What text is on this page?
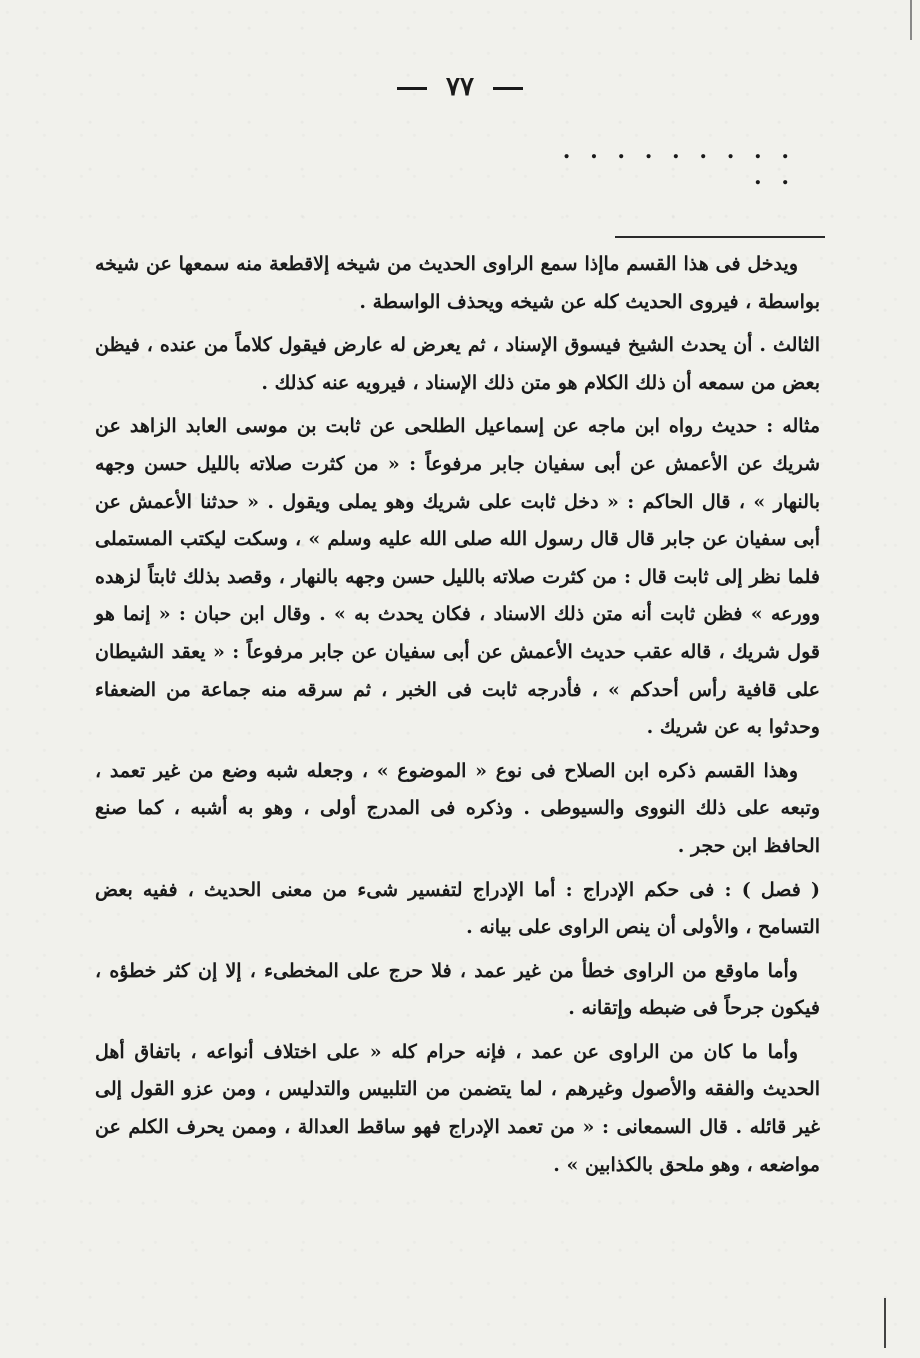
٧٧
. . . . . . . . . . .

ويدخل فى هذا القسم ماإذا سمع الراوى الحديث من شيخه إلاقطعة منه سمعها عن شيخه بواسطة ، فيروى الحديث كله عن شيخه ويحذف الواسطة .

الثالث . أن يحدث الشيخ فيسوق الإسناد ، ثم يعرض له عارض فيقول كلاماً من عنده ، فيظن بعض من سمعه أن ذلك الكلام هو متن ذلك الإسناد ، فيرويه عنه كذلك .

مثاله : حديث رواه ابن ماجه عن إسماعيل الطلحى عن ثابت بن موسى العابد الزاهد عن شريك عن الأعمش عن أبى سفيان جابر مرفوعاً : « من كثرت صلاته بالليل حسن وجهه بالنهار » ، قال الحاكم : « دخل ثابت على شريك وهو يملى ويقول . « حدثنا الأعمش عن أبى سفيان عن جابر قال قال رسول الله صلى الله عليه وسلم » ، وسكت ليكتب المستملى فلما نظر إلى ثابت قال : من كثرت صلاته بالليل حسن وجهه بالنهار ، وقصد بذلك ثابتاً لزهده وورعه » فظن ثابت أنه متن ذلك الاسناد ، فكان يحدث به » . وقال ابن حبان : « إنما هو قول شريك ، قاله عقب حديث الأعمش عن أبى سفيان عن جابر مرفوعاً : « يعقد الشيطان على قافية رأس أحدكم » ، فأدرجه ثابت فى الخبر ، ثم سرقه منه جماعة من الضعفاء وحدثوا به عن شريك .

وهذا القسم ذكره ابن الصلاح فى نوع « الموضوع » ، وجعله شبه وضع من غير تعمد ، وتبعه على ذلك النووى والسيوطى . وذكره فى المدرج أولى ، وهو به أشبه ، كما صنع الحافظ ابن حجر .

( فصل ) : فى حكم الإدراج : أما الإدراج لتفسير شىء من معنى الحديث ، ففيه بعض التسامح ، والأولى أن ينص الراوى على بيانه .

وأما ماوقع من الراوى خطأ من غير عمد ، فلا حرج على المخطىء ، إلا إن كثر خطؤه ، فيكون جرحاً فى ضبطه وإتقانه .

وأما ما كان من الراوى عن عمد ، فإنه حرام كله « على اختلاف أنواعه ، باتفاق أهل الحديث والفقه والأصول وغيرهم ، لما يتضمن من التلبيس والتدليس ، ومن عزو القول إلى غير قائله . قال السمعانى : « من تعمد الإدراج فهو ساقط العدالة ، وممن يحرف الكلم عن مواضعه ، وهو ملحق بالكذابين » .
